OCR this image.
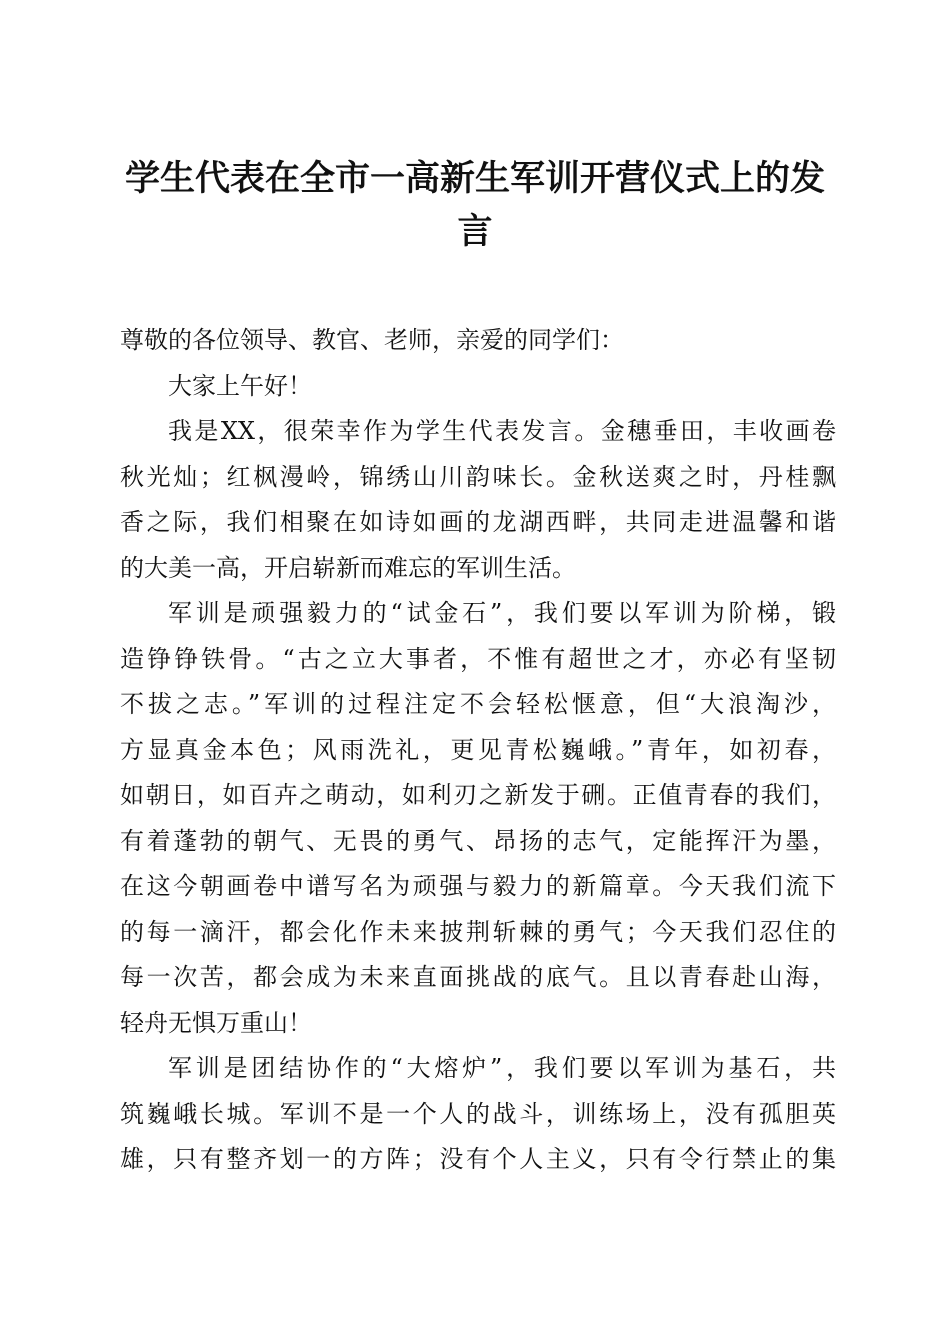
学生代表在全市一高新生军训开营仪式上的发
言

尊敬的各位领导、教官、老师，亲爱的同学们：

大家上午好！

我是XX，很荣幸作为学生代表发言。金穗垂田，丰收画卷
秋光灿；红枫漫岭，锦绣山川韵味长。金秋送爽之时，丹桂飘
香之际，我们相聚在如诗如画的龙湖西畔，共同走进温馨和谐
的大美一高，开启崭新而难忘的军训生活。

军训是顽强毅力的“试金石”，我们要以军训为阶梯，锻
造铮铮铁骨。“古之立大事者，不惟有超世之才，亦必有坚韧
不拔之志。”军训的过程注定不会轻松惬意，但“大浪淘沙，
方显真金本色；风雨洗礼，更见青松巍峨。”青年，如初春，
如朝日，如百卉之萌动，如利刃之新发于硎。正值青春的我们，
有着蓬勃的朝气、无畏的勇气、昂扬的志气，定能挥汗为墨，
在这今朝画卷中谱写名为顽强与毅力的新篇章。今天我们流下
的每一滴汗，都会化作未来披荆斩棘的勇气；今天我们忍住的
每一次苦，都会成为未来直面挑战的底气。且以青春赴山海，
轻舟无惧万重山！

军训是团结协作的“大熔炉”，我们要以军训为基石，共
筑巍峨长城。军训不是一个人的战斗，训练场上，没有孤胆英
雄，只有整齐划一的方阵；没有个人主义，只有令行禁止的集
